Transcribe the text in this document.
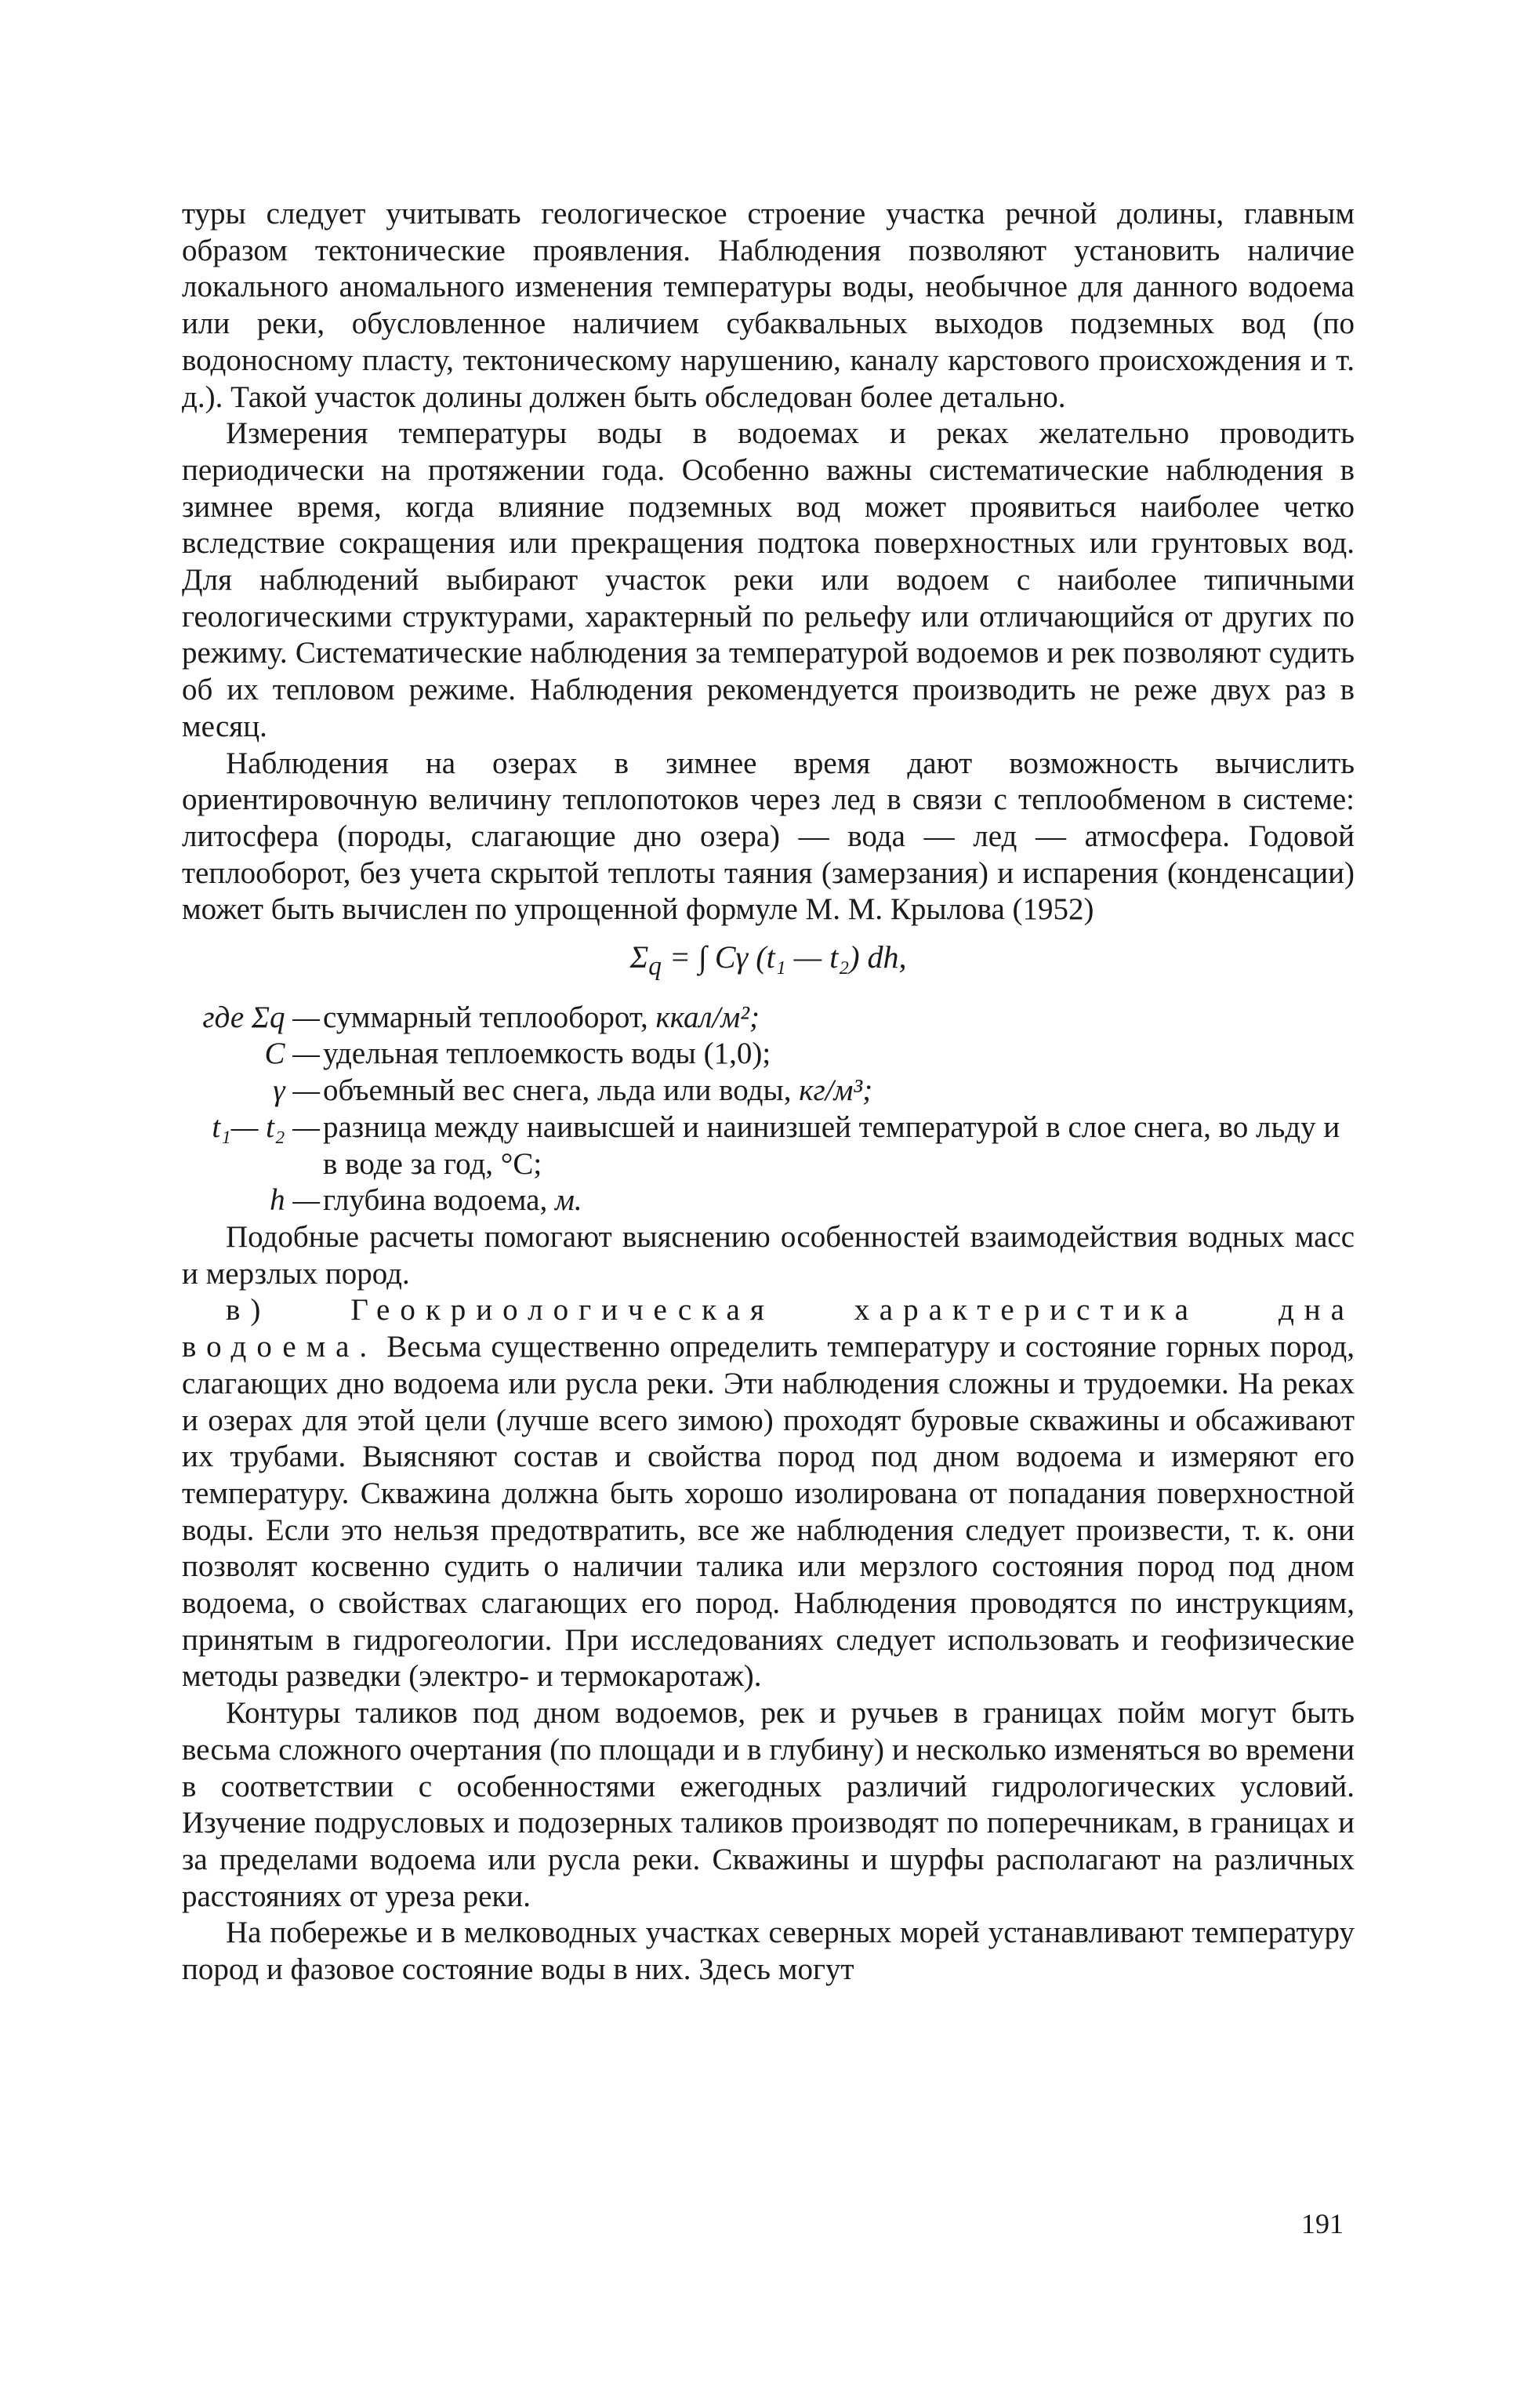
туры следует учитывать геологическое строение участка речной долины, главным образом тектонические проявления. Наблюдения позволяют установить наличие локального аномального изменения температуры воды, необычное для данного водоема или реки, обусловленное наличием субаквальных выходов подземных вод (по водоносному пласту, тектоническому нарушению, каналу карстового происхождения и т. д.). Такой участок долины должен быть обследован более детально.

Измерения температуры воды в водоемах и реках желательно проводить периодически на протяжении года. Особенно важны систематические наблюдения в зимнее время, когда влияние подземных вод может проявиться наиболее четко вследствие сокращения или прекращения подтока поверхностных или грунтовых вод. Для наблюдений выбирают участок реки или водоем с наиболее типичными геологическими структурами, характерный по рельефу или отличающийся от других по режиму. Систематические наблюдения за температурой водоемов и рек позволяют судить об их тепловом режиме. Наблюдения рекомендуется производить не реже двух раз в месяц.

Наблюдения на озерах в зимнее время дают возможность вычислить ориентировочную величину теплопотоков через лед в связи с теплообменом в системе: литосфера (породы, слагающие дно озера) — вода — лед — атмосфера. Годовой теплооборот, без учета скрытой теплоты таяния (замерзания) и испарения (конденсации) может быть вычислен по упрощенной формуле М. М. Крылова (1952)

$\Sigma_q$ = ∫ Cγ (t₁ — t₂) dh,
где Σq — суммарный теплооборот, ккал/м²;
C — удельная теплоемкость воды (1,0);
γ — объемный вес снега, льда или воды, кг/м³;
t₁— t₂ — разница между наивысшей и наинизшей температурой в слое снега, во льду и в воде за год, °С;
h — глубина водоема, м.

Подобные расчеты помогают выяснению особенностей взаимодействия водных масс и мерзлых пород.

в) Геокриологическая характеристика дна водоема. Весьма существенно определить температуру и состояние горных пород, слагающих дно водоема или русла реки. Эти наблюдения сложны и трудоемки. На реках и озерах для этой цели (лучше всего зимою) проходят буровые скважины и обсаживают их трубами. Выясняют состав и свойства пород под дном водоема и измеряют его температуру. Скважина должна быть хорошо изолирована от попадания поверхностной воды. Если это нельзя предотвратить, все же наблюдения следует произвести, т. к. они позволят косвенно судить о наличии талика или мерзлого состояния пород под дном водоема, о свойствах слагающих его пород. Наблюдения проводятся по инструкциям, принятым в гидрогеологии. При исследованиях следует использовать и геофизические методы разведки (электро- и термокаротаж).

Контуры таликов под дном водоемов, рек и ручьев в границах пойм могут быть весьма сложного очертания (по площади и в глубину) и несколько изменяться во времени в соответствии с особенностями ежегодных различий гидрологических условий. Изучение подрусловых и подозерных таликов производят по поперечникам, в границах и за пределами водоема или русла реки. Скважины и шурфы располагают на различных расстояниях от уреза реки.

На побережье и в мелководных участках северных морей устанавливают температуру пород и фазовое состояние воды в них. Здесь могут

191
